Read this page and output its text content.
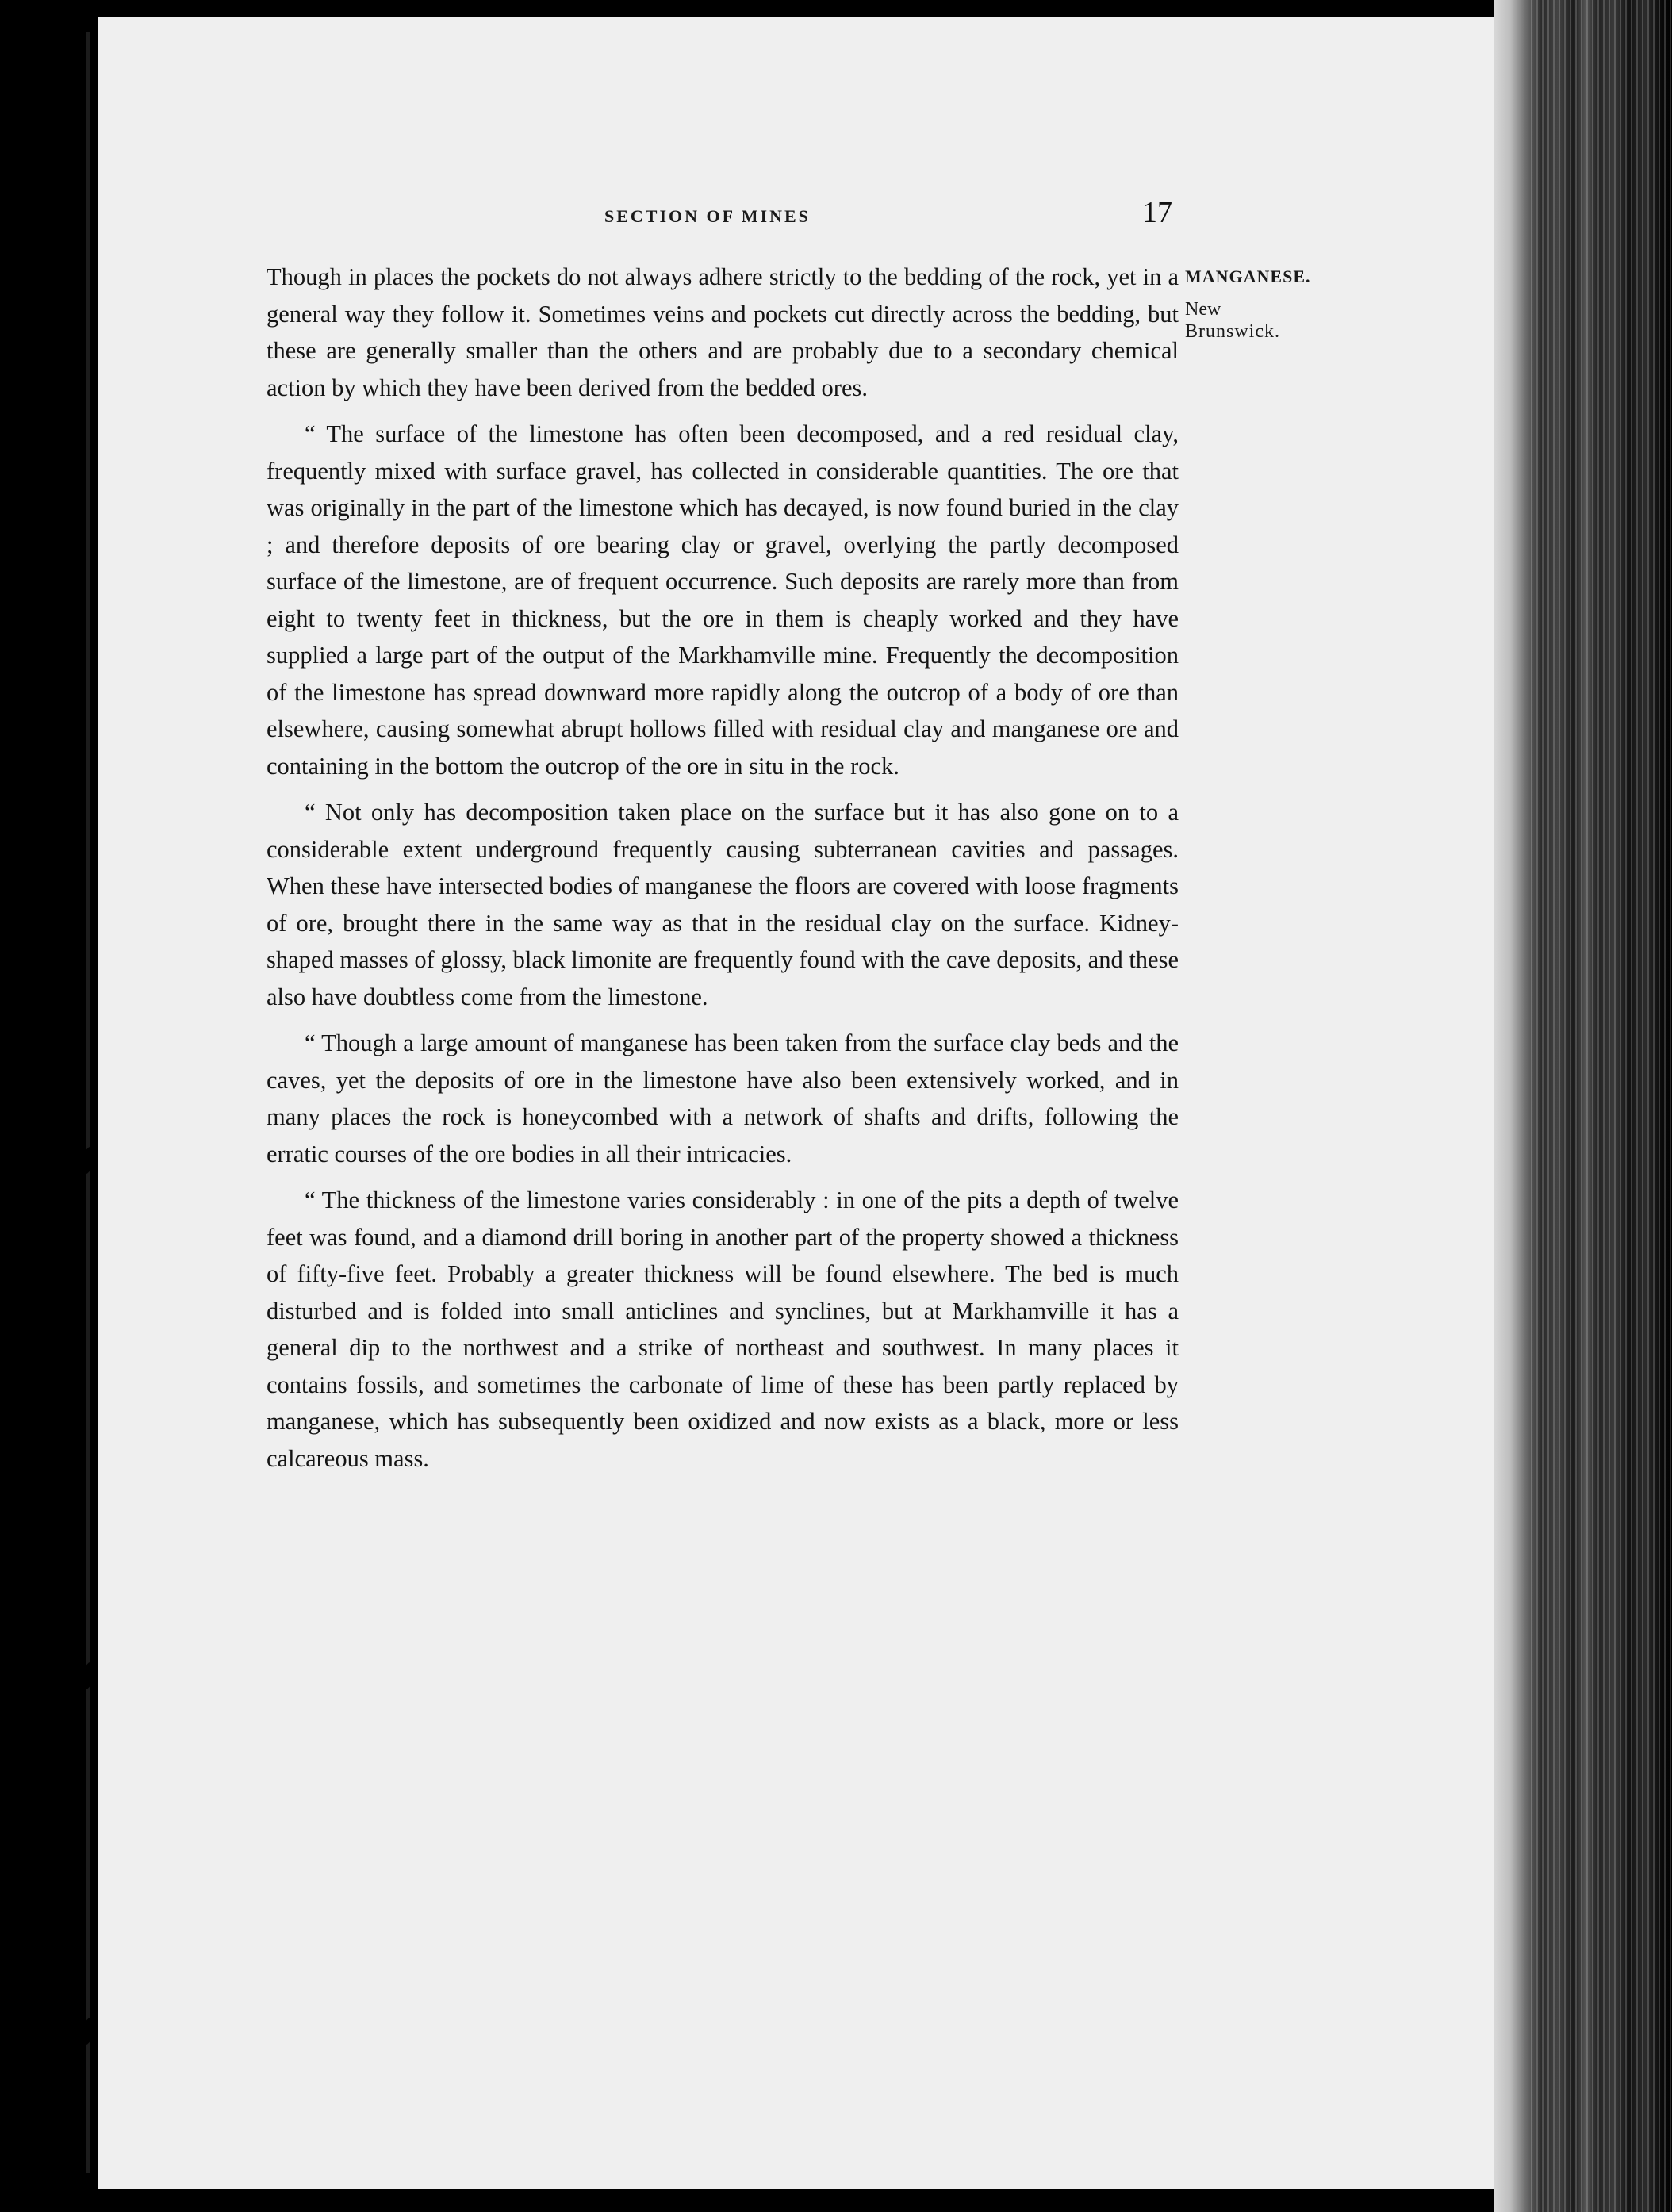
SECTION OF MINES	17
MANGANESE.
New
Brunswick.

Though in places the pockets do not always adhere strictly to the bedding of the rock, yet in a general way they follow it. Sometimes veins and pockets cut directly across the bedding, but these are generally smaller than the others and are probably due to a secondary chemical action by which they have been derived from the bedded ores.

“ The surface of the limestone has often been decomposed, and a red residual clay, frequently mixed with surface gravel, has collected in considerable quantities. The ore that was originally in the part of the limestone which has decayed, is now found buried in the clay ; and therefore deposits of ore bearing clay or gravel, overlying the partly decomposed surface of the limestone, are of frequent occurrence. Such deposits are rarely more than from eight to twenty feet in thickness, but the ore in them is cheaply worked and they have supplied a large part of the output of the Markhamville mine. Frequently the decomposition of the limestone has spread downward more rapidly along the outcrop of a body of ore than elsewhere, causing somewhat abrupt hollows filled with residual clay and manganese ore and containing in the bottom the outcrop of the ore in situ in the rock.

“ Not only has decomposition taken place on the surface but it has also gone on to a considerable extent underground frequently causing subterranean cavities and passages. When these have intersected bodies of manganese the floors are covered with loose fragments of ore, brought there in the same way as that in the residual clay on the surface. Kidney-shaped masses of glossy, black limonite are frequently found with the cave deposits, and these also have doubtless come from the limestone.

“ Though a large amount of manganese has been taken from the surface clay beds and the caves, yet the deposits of ore in the limestone have also been extensively worked, and in many places the rock is honeycombed with a network of shafts and drifts, following the erratic courses of the ore bodies in all their intricacies.

“ The thickness of the limestone varies considerably : in one of the pits a depth of twelve feet was found, and a diamond drill boring in another part of the property showed a thickness of fifty-five feet. Probably a greater thickness will be found elsewhere. The bed is much disturbed and is folded into small anticlines and synclines, but at Markhamville it has a general dip to the northwest and a strike of northeast and southwest. In many places it contains fossils, and sometimes the carbonate of lime of these has been partly replaced by manganese, which has subsequently been oxidized and now exists as a black, more or less calcareous mass.
